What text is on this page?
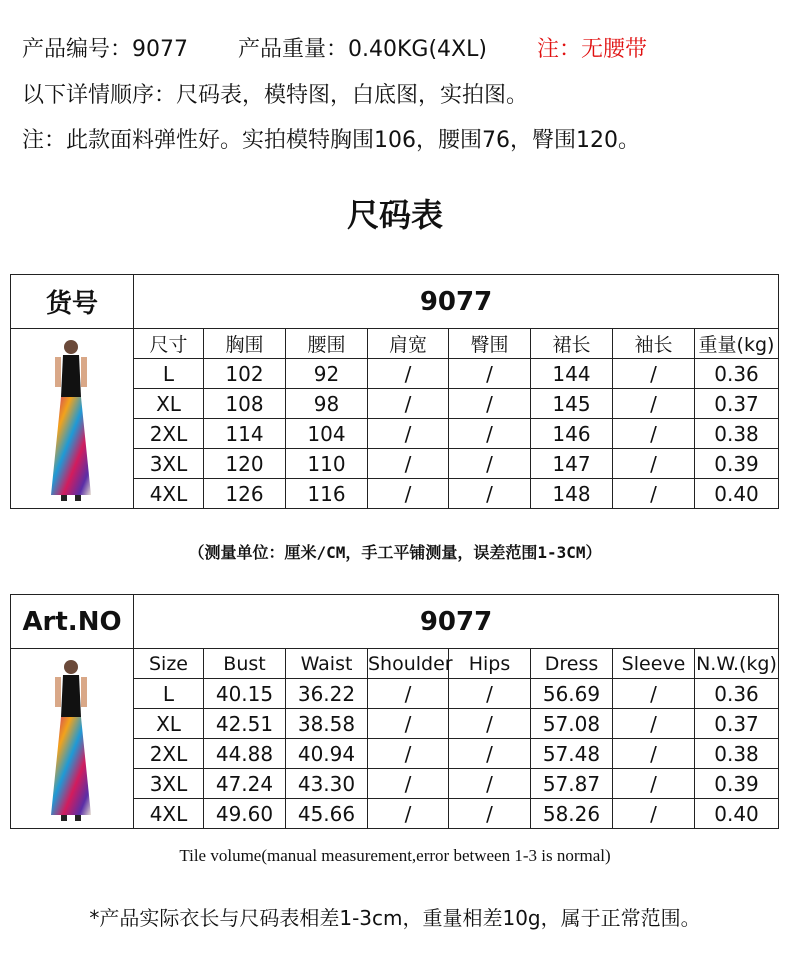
产品编号：9077 产品重量：0.40KG(4XL) 注：无腰带
以下详情顺序：尺码表，模特图，白底图，实拍图。
注：此款面料弹性好。实拍模特胸围106，腰围76，臀围120。
尺码表
货号	9077							

	尺寸	胸围	腰围	肩宽	臀围	裙长	袖长	重量(kg)
	L	102	92	/	/	144	/	0.36
	XL	108	98	/	/	145	/	0.37
	2XL	114	104	/	/	146	/	0.38
	3XL	120	110	/	/	147	/	0.39
	4XL	126	116	/	/	148	/	0.40
（测量单位：厘米/CM，手工平铺测量，误差范围1-3CM）
Art.NO	9077							

	Size	Bust	Waist	Shoulder	Hips	Dress	Sleeve	N.W.(kg)
	L	40.15	36.22	/	/	56.69	/	0.36
	XL	42.51	38.58	/	/	57.08	/	0.37
	2XL	44.88	40.94	/	/	57.48	/	0.38
	3XL	47.24	43.30	/	/	57.87	/	0.39
	4XL	49.60	45.66	/	/	58.26	/	0.40
Tile volume(manual measurement,error between 1-3 is normal)
*产品实际衣长与尺码表相差1-3cm，重量相差10g，属于正常范围。
